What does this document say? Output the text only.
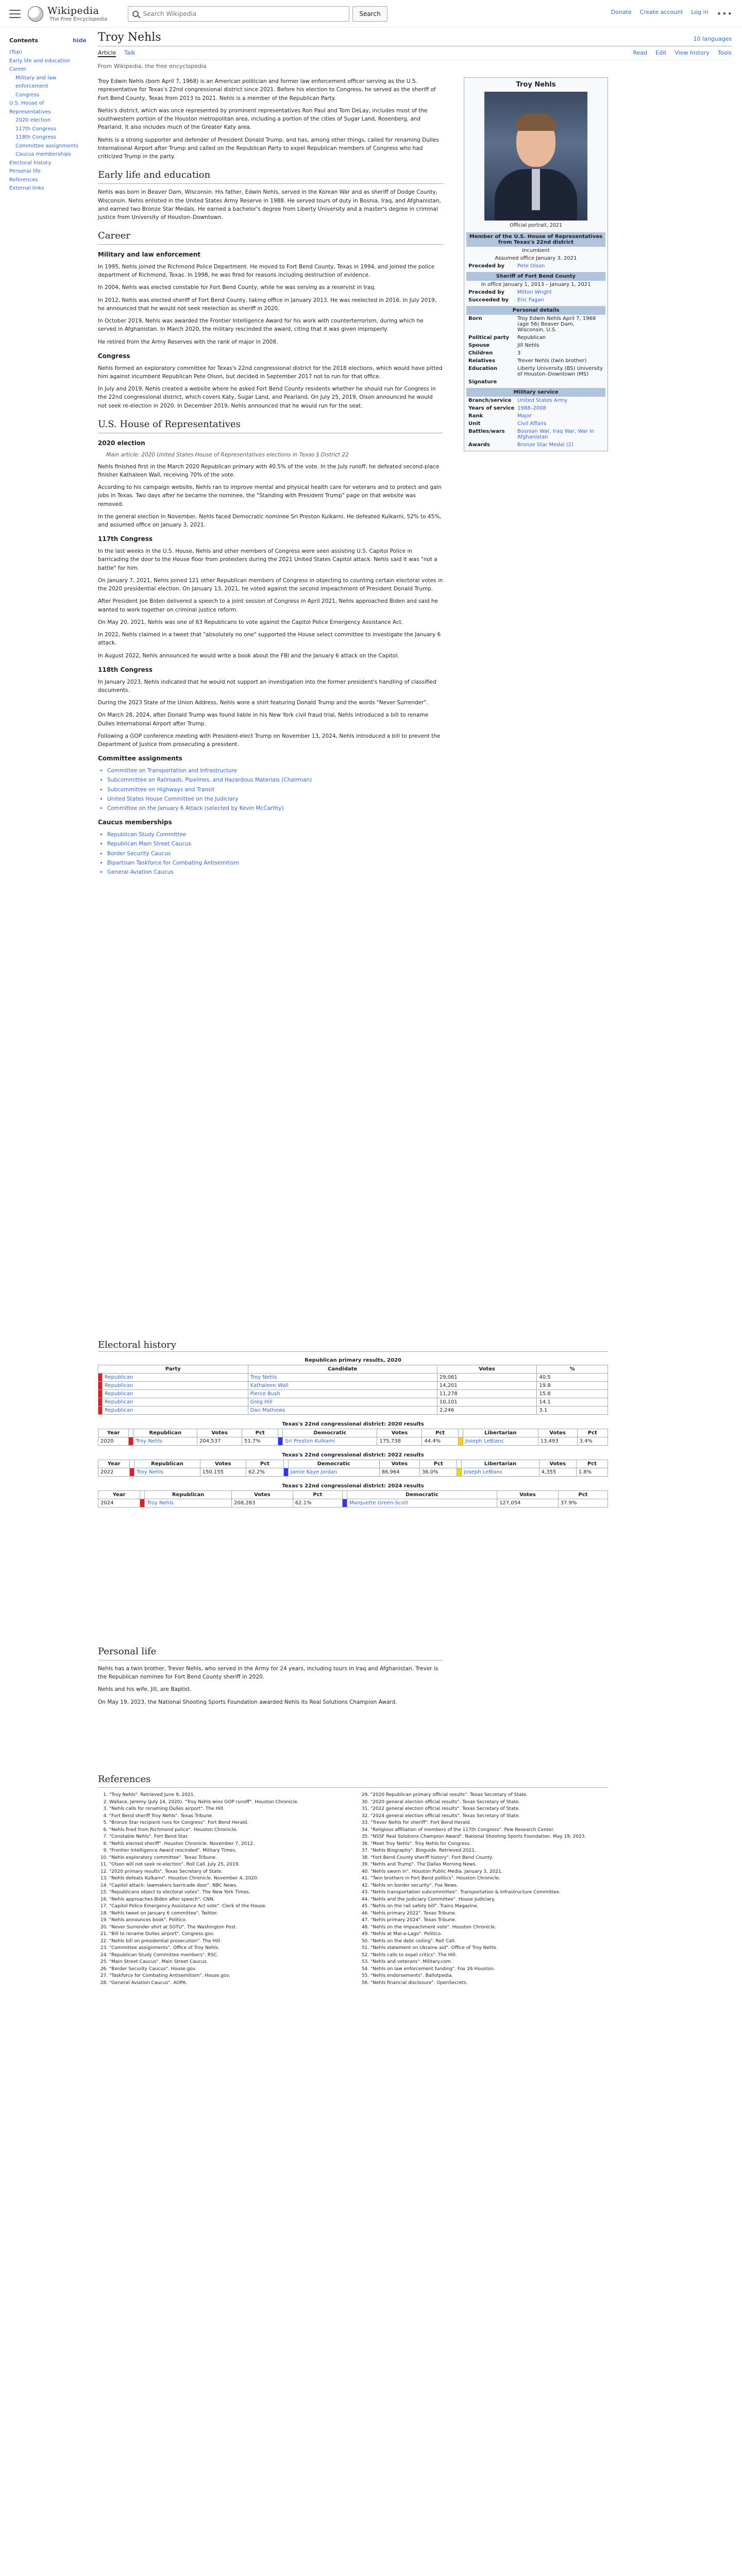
Wikipedia
The Free Encyclopedia
Search Wikipedia	Search	Donate Create account Log in •••
Contents	hide
(Top)
Early life and education
Career
Military and law enforcement
Congress
U.S. House of Representatives
2020 election
117th Congress
118th Congress
Committee assignments
Caucus memberships
Electoral history
Personal life
References
External links
Troy Nehls	10 languages
Article Talk	Read Edit View history Tools
From Wikipedia, the free encyclopedia

Troy Edwin Nehls (born April 7, 1968) is an American politician and former law enforcement officer serving as the U.S. representative for Texas's 22nd congressional district since 2021. Before his election to Congress, he served as the sheriff of Fort Bend County, Texas from 2013 to 2021. Nehls is a member of the Republican Party.

Nehls's district, which was once represented by prominent representatives Ron Paul and Tom DeLay, includes most of the southwestern portion of the Houston metropolitan area, including a portion of the cities of Sugar Land, Rosenberg, and Pearland. It also includes much of the Greater Katy area.

Nehls is a strong supporter and defender of President Donald Trump, and has, among other things, called for renaming Dulles International Airport after Trump and called on the Republican Party to expel Republican members of Congress who had criticized Trump in the party.

Early life and education

Nehls was born in Beaver Dam, Wisconsin. His father, Edwin Nehls, served in the Korean War and as sheriff of Dodge County, Wisconsin. Nehls enlisted in the United States Army Reserve in 1988. He served tours of duty in Bosnia, Iraq, and Afghanistan, and earned two Bronze Star Medals. He earned a bachelor's degree from Liberty University and a master's degree in criminal justice from University of Houston–Downtown.

Career
Military and law enforcement

In 1995, Nehls joined the Richmond Police Department. He moved to Fort Bend County, Texas in 1994, and joined the police department of Richmond, Texas. In 1998, he was fired for reasons including destruction of evidence.

In 2004, Nehls was elected constable for Fort Bend County, while he was serving as a reservist in Iraq.

In 2012, Nehls was elected sheriff of Fort Bend County, taking office in January 2013. He was reelected in 2016. In July 2019, he announced that he would not seek reelection as sheriff in 2020.

In October 2019, Nehls was awarded the Frontier Intelligence Award for his work with counterterrorism, during which he served in Afghanistan. In March 2020, the military rescinded the award, citing that it was given improperly.

He retired from the Army Reserves with the rank of major in 2008.

Congress

Nehls formed an exploratory committee for Texas's 22nd congressional district for the 2018 elections, which would have pitted him against incumbent Republican Pete Olson, but decided in September 2017 not to run for that office.

In July and 2019, Nehls created a website where he asked Fort Bend County residents whether he should run for Congress in the 22nd congressional district, which covers Katy, Sugar Land, and Pearland. On July 25, 2019, Olson announced he would not seek re-election in 2020. In December 2019, Nehls announced that he would run for the seat.

U.S. House of Representatives
2020 election
Main article: 2020 United States House of Representatives elections in Texas § District 22

Nehls finished first in the March 2020 Republican primary with 40.5% of the vote. In the July runoff, he defeated second-place finisher Kathaleen Wall, receiving 70% of the vote.

According to his campaign website, Nehls ran to improve mental and physical health care for veterans and to protect and gain jobs in Texas. Two days after he became the nominee, the "Standing with President Trump" page on that website was removed.

In the general election in November, Nehls faced Democratic nominee Sri Preston Kulkarni. He defeated Kulkarni, 52% to 45%, and assumed office on January 3, 2021.

117th Congress

In the last weeks in the U.S. House, Nehls and other members of Congress were seen assisting U.S. Capitol Police in barricading the door to the House floor from protesters during the 2021 United States Capitol attack. Nehls said it was "not a battle" for him.

On January 7, 2021, Nehls joined 121 other Republican members of Congress in objecting to counting certain electoral votes in the 2020 presidential election. On January 13, 2021, he voted against the second impeachment of President Donald Trump.

After President Joe Biden delivered a speech to a joint session of Congress in April 2021, Nehls approached Biden and said he wanted to work together on criminal justice reform.

On May 20, 2021, Nehls was one of 63 Republicans to vote against the Capitol Police Emergency Assistance Act.

In 2022, Nehls claimed in a tweet that "absolutely no one" supported the House select committee to investigate the January 6 attack.

In August 2022, Nehls announced he would write a book about the FBI and the January 6 attack on the Capitol.

118th Congress

In January 2023, Nehls indicated that he would not support an investigation into the former president's handling of classified documents.

During the 2023 State of the Union Address, Nehls wore a shirt featuring Donald Trump and the words "Never Surrender".

On March 28, 2024, after Donald Trump was found liable in his New York civil fraud trial, Nehls introduced a bill to rename Dulles International Airport after Trump.

Following a GOP conference meeting with President-elect Trump on November 13, 2024, Nehls introduced a bill to prevent the Department of Justice from prosecuting a president.

Committee assignments
• Committee on Transportation and Infrastructure
• Subcommittee on Railroads, Pipelines, and Hazardous Materials (Chairman)
• Subcommittee on Highways and Transit
• United States House Committee on the Judiciary
• Committee on the January 6 Attack (selected by Kevin McCarthy)
Caucus memberships
• Republican Study Committee
• Republican Main Street Caucus
• Border Security Caucus
• Bipartisan Taskforce for Combating Antisemitism
• General Aviation Caucus
Troy Nehls
Official portrait, 2021
Member of the U.S. House of Representatives from Texas's 22nd district
Incumbent
Assumed office January 3, 2021
Preceded by	Pete Olson
Sheriff of Fort Bend County
In office January 1, 2013 – January 1, 2021
Preceded by	Milton Wright
Succeeded by	Eric Fagan
Personal details
Born	Troy Edwin Nehls April 7, 1968 (age 56) Beaver Dam, Wisconsin, U.S.
Political party	Republican
Spouse	Jill Nehls
Children	3
Relatives	Trever Nehls (twin brother)
Education	Liberty University (BS) University of Houston–Downtown (MS)
Signature
Military service
Branch/service	United States Army
Years of service 1988–2008
Rank	Major
Unit	Civil Affairs
Battles/wars	Bosnian War, Iraq War, War in Afghanistan
Awards	Bronze Star Medal (2)
Electoral history
Republican primary results, 2020
Party		Candidate	Votes	%
	Republican	Troy Nehls	29,061	40.5
	Republican	Kathaleen Wall	14,201	19.8
	Republican	Pierce Bush	11,278	15.8
	Republican	Greg Hill	10,101	14.1
	Republican	Dan Mathews	2,246	3.1
Texas's 22nd congressional district: 2020 results
Year		Republican	Votes	Pct		Democratic	Votes	Pct		Libertarian	Votes	Pct
2020		Troy Nehls	204,537	51.7%		Sri Preston Kulkarni	175,738	44.4%		Joseph LeBlanc	13,493	3.4%
Texas's 22nd congressional district: 2022 results
Year		Republican	Votes	Pct		Democratic	Votes	Pct		Libertarian	Votes	Pct
2022		Troy Nehls	150,155	62.2%		Jamie Kaye Jordan	86,964	36.0%		Joseph LeBlanc	4,355	1.8%
Texas's 22nd congressional district: 2024 results
Year		Republican	Votes	Pct		Democratic	Votes	Pct
2024		Troy Nehls	208,283	62.1%		Marquette Green-Scott	127,054	37.9%
Personal life

Nehls has a twin brother, Trever Nehls, who served in the Army for 24 years, including tours in Iraq and Afghanistan. Trever is the Republican nominee for Fort Bend County sheriff in 2020.

Nehls and his wife, Jill, are Baptist.

On May 19, 2023, the National Shooting Sports Foundation awarded Nehls its Real Solutions Champion Award.

References
1. "Troy Nehls". Retrieved June 9, 2021.
2. Wallace, Jeremy (July 14, 2020). "Troy Nehls wins GOP runoff". Houston Chronicle.
3. "Nehls calls for renaming Dulles airport". The Hill.
4. "Fort Bend sheriff Troy Nehls". Texas Tribune.
5. "Bronze Star recipient runs for Congress". Fort Bend Herald.
6. "Nehls fired from Richmond police". Houston Chronicle.
7. "Constable Nehls". Fort Bend Star.
8. "Nehls elected sheriff". Houston Chronicle. November 7, 2012.
9. "Frontier Intelligence Award rescinded". Military Times.
10. "Nehls exploratory committee". Texas Tribune.
11. "Olson will not seek re-election". Roll Call. July 25, 2019.
12. "2020 primary results". Texas Secretary of State.
13. "Nehls defeats Kulkarni". Houston Chronicle. November 4, 2020.
14. "Capitol attack: lawmakers barricade door". NBC News.
15. "Republicans object to electoral votes". The New York Times.
16. "Nehls approaches Biden after speech". CNN.
17. "Capitol Police Emergency Assistance Act vote". Clerk of the House.
18. "Nehls tweet on January 6 committee". Twitter.
19. "Nehls announces book". Politico.
20. "Never Surrender shirt at SOTU". The Washington Post.
21. "Bill to rename Dulles airport". Congress.gov.
22. "Nehls bill on presidential prosecution". The Hill.
23. "Committee assignments". Office of Troy Nehls.
24. "Republican Study Committee members". RSC.
25. "Main Street Caucus". Main Street Caucus.
26. "Border Security Caucus". House.gov.
27. "Taskforce for Combating Antisemitism". House.gov.
28. "General Aviation Caucus". AOPA.
29. "2020 Republican primary official results". Texas Secretary of State.
30. "2020 general election official results". Texas Secretary of State.
31. "2022 general election official results". Texas Secretary of State.
32. "2024 general election official results". Texas Secretary of State.
33. "Trever Nehls for sheriff". Fort Bend Herald.
34. "Religious affiliation of members of the 117th Congress". Pew Research Center.
35. "NSSF Real Solutions Champion Award". National Shooting Sports Foundation. May 19, 2023.
36. "Meet Troy Nehls". Troy Nehls for Congress.
37. "Nehls Biography". Bioguide. Retrieved 2021.
38. "Fort Bend County sheriff history". Fort Bend County.
39. "Nehls and Trump". The Dallas Morning News.
40. "Nehls sworn in". Houston Public Media. January 3, 2021.
41. "Twin brothers in Fort Bend politics". Houston Chronicle.
42. "Nehls on border security". Fox News.
43. "Nehls transportation subcommittee". Transportation & Infrastructure Committee.
44. "Nehls and the Judiciary Committee". House Judiciary.
45. "Nehls on the rail safety bill". Trains Magazine.
46. "Nehls primary 2022". Texas Tribune.
47. "Nehls primary 2024". Texas Tribune.
48. "Nehls on the impeachment vote". Houston Chronicle.
49. "Nehls at Mar-a-Lago". Politico.
50. "Nehls on the debt ceiling". Roll Call.
51. "Nehls statement on Ukraine aid". Office of Troy Nehls.
52. "Nehls calls to expel critics". The Hill.
53. "Nehls and veterans". Military.com.
54. "Nehls on law enforcement funding". Fox 26 Houston.
55. "Nehls endorsements". Ballotpedia.
56. "Nehls financial disclosure". OpenSecrets.
